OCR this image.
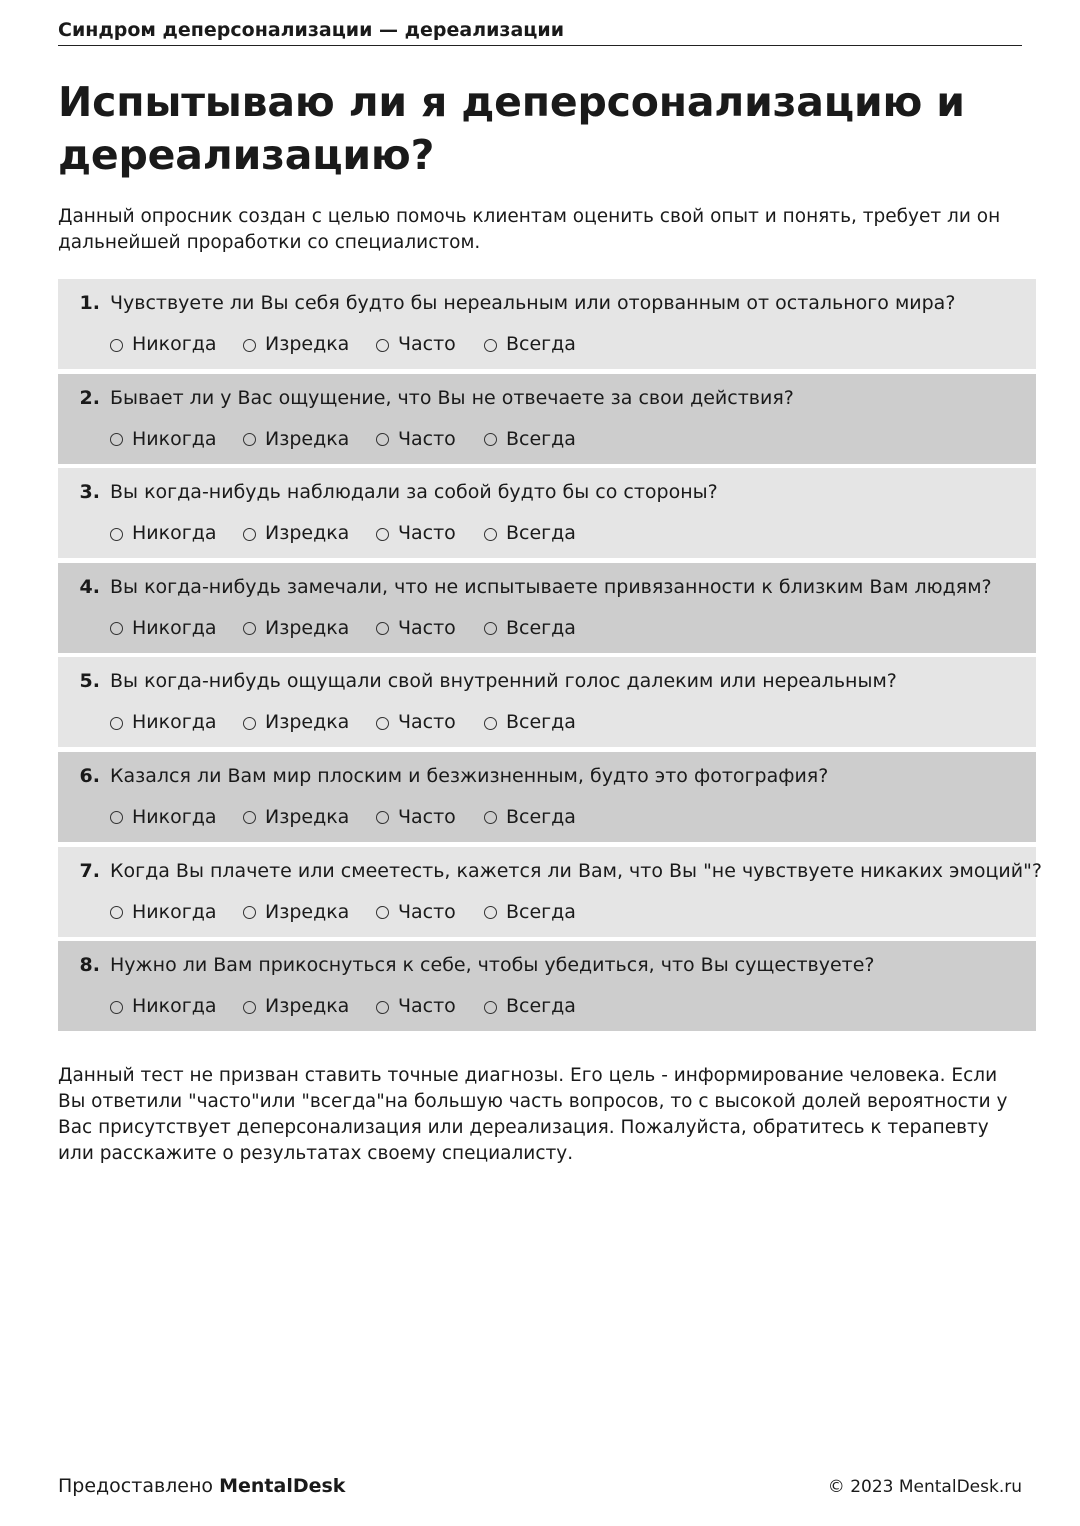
Синдром деперсонализации — дереализации
Испытываю ли я деперсонализацию и дереализацию?

Данный опросник создан с целью помочь клиентам оценить свой опыт и понять, требует ли он дальнейшей проработки со специалистом.

1. Чувствуете ли Вы себя будто бы нереальным или оторванным от остального мира?
Никогда	Изредка	Часто	Всегда
2. Бывает ли у Вас ощущение, что Вы не отвечаете за свои действия?
Никогда	Изредка	Часто	Всегда
3. Вы когда-нибудь наблюдали за собой будто бы со стороны?
Никогда	Изредка	Часто	Всегда
4. Вы когда-нибудь замечали, что не испытываете привязанности к близким Вам людям?
Никогда	Изредка	Часто	Всегда
5. Вы когда-нибудь ощущали свой внутренний голос далеким или нереальным?
Никогда	Изредка	Часто	Всегда
6. Казался ли Вам мир плоским и безжизненным, будто это фотография?
Никогда	Изредка	Часто	Всегда
7. Когда Вы плачете или смеетесть, кажется ли Вам, что Вы "не чувствуете никаких эмоций"?
Никогда	Изредка	Часто	Всегда
8. Нужно ли Вам прикоснуться к себе, чтобы убедиться, что Вы существуете?
Никогда	Изредка	Часто	Всегда

Данный тест не призван ставить точные диагнозы. Его цель - информирование человека. Если Вы ответили "часто"или "всегда"на большую часть вопросов, то с высокой долей вероятности у Вас присутствует деперсонализация или дереализация. Пожалуйста, обратитесь к терапевту или расскажите о результатах своему специалисту.

Предоставлено MentalDesk	© 2023 MentalDesk.ru
